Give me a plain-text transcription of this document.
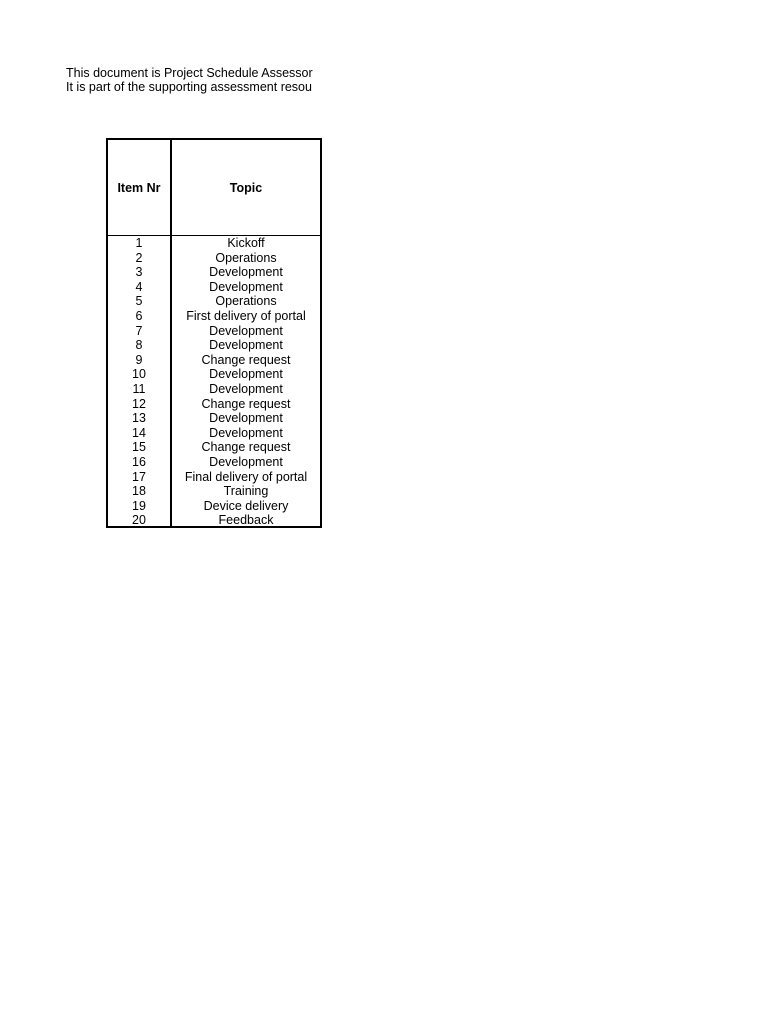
This document is Project Schedule Assessor
It is part of the supporting assessment resou
Item Nr	Topic
1	Kickoff
2	Operations
3	Development
4	Development
5	Operations
6	First delivery of portal
7	Development
8	Development
9	Change request
10	Development
11	Development
12	Change request
13	Development
14	Development
15	Change request
16	Development
17	Final delivery of portal
18	Training
19	Device delivery
20	Feedback
